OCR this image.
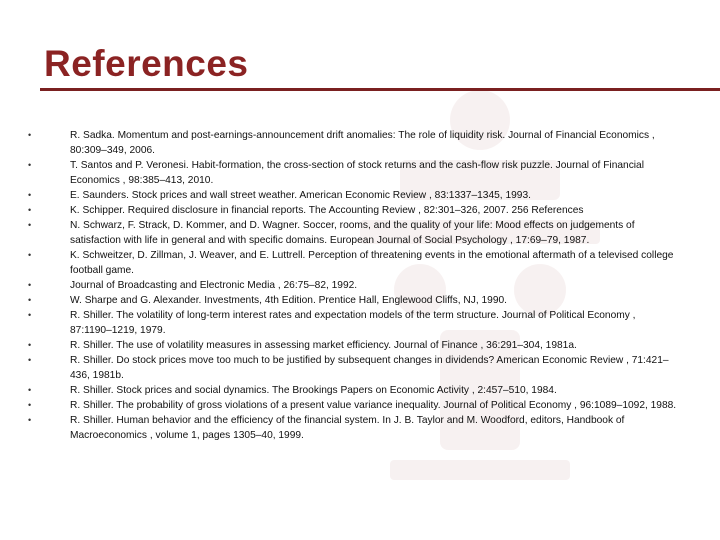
References
•	R. Sadka. Momentum and post-earnings-announcement drift anomalies: The role of liquidity risk. Journal of Financial Economics , 80:309–349, 2006.
•	T. Santos and P. Veronesi. Habit-formation, the cross-section of stock returns and the cash-flow risk puzzle. Journal of Financial Economics , 98:385–413, 2010.
•	E. Saunders. Stock prices and wall street weather. American Economic Review , 83:1337–1345, 1993.
•	K. Schipper. Required disclosure in financial reports. The Accounting Review , 82:301–326, 2007. 256 References
•	N. Schwarz, F. Strack, D. Kommer, and D. Wagner. Soccer, rooms, and the quality of your life: Mood effects on judgements of satisfaction with life in general and with specific domains. European Journal of Social Psychology , 17:69–79, 1987.
•	K. Schweitzer, D. Zillman, J. Weaver, and E. Luttrell. Perception of threatening events in the emotional aftermath of a televised college football game.
•	Journal of Broadcasting and Electronic Media , 26:75–82, 1992.
•	W. Sharpe and G. Alexander. Investments, 4th Edition. Prentice Hall, Englewood Cliffs, NJ, 1990.
•	R. Shiller. The volatility of long-term interest rates and expectation models of the term structure. Journal of Political Economy , 87:1190–1219, 1979.
•	R. Shiller. The use of volatility measures in assessing market efficiency. Journal of Finance , 36:291–304, 1981a.
•	R. Shiller. Do stock prices move too much to be justified by subsequent changes in dividends? American Economic Review , 71:421–436, 1981b.
•	R. Shiller. Stock prices and social dynamics. The Brookings Papers on Economic Activity , 2:457–510, 1984.
•	R. Shiller. The probability of gross violations of a present value variance inequality. Journal of Political Economy , 96:1089–1092, 1988.
•	R. Shiller. Human behavior and the efficiency of the financial system. In J. B. Taylor and M. Woodford, editors, Handbook of Macroeconomics , volume 1, pages 1305–40, 1999.
